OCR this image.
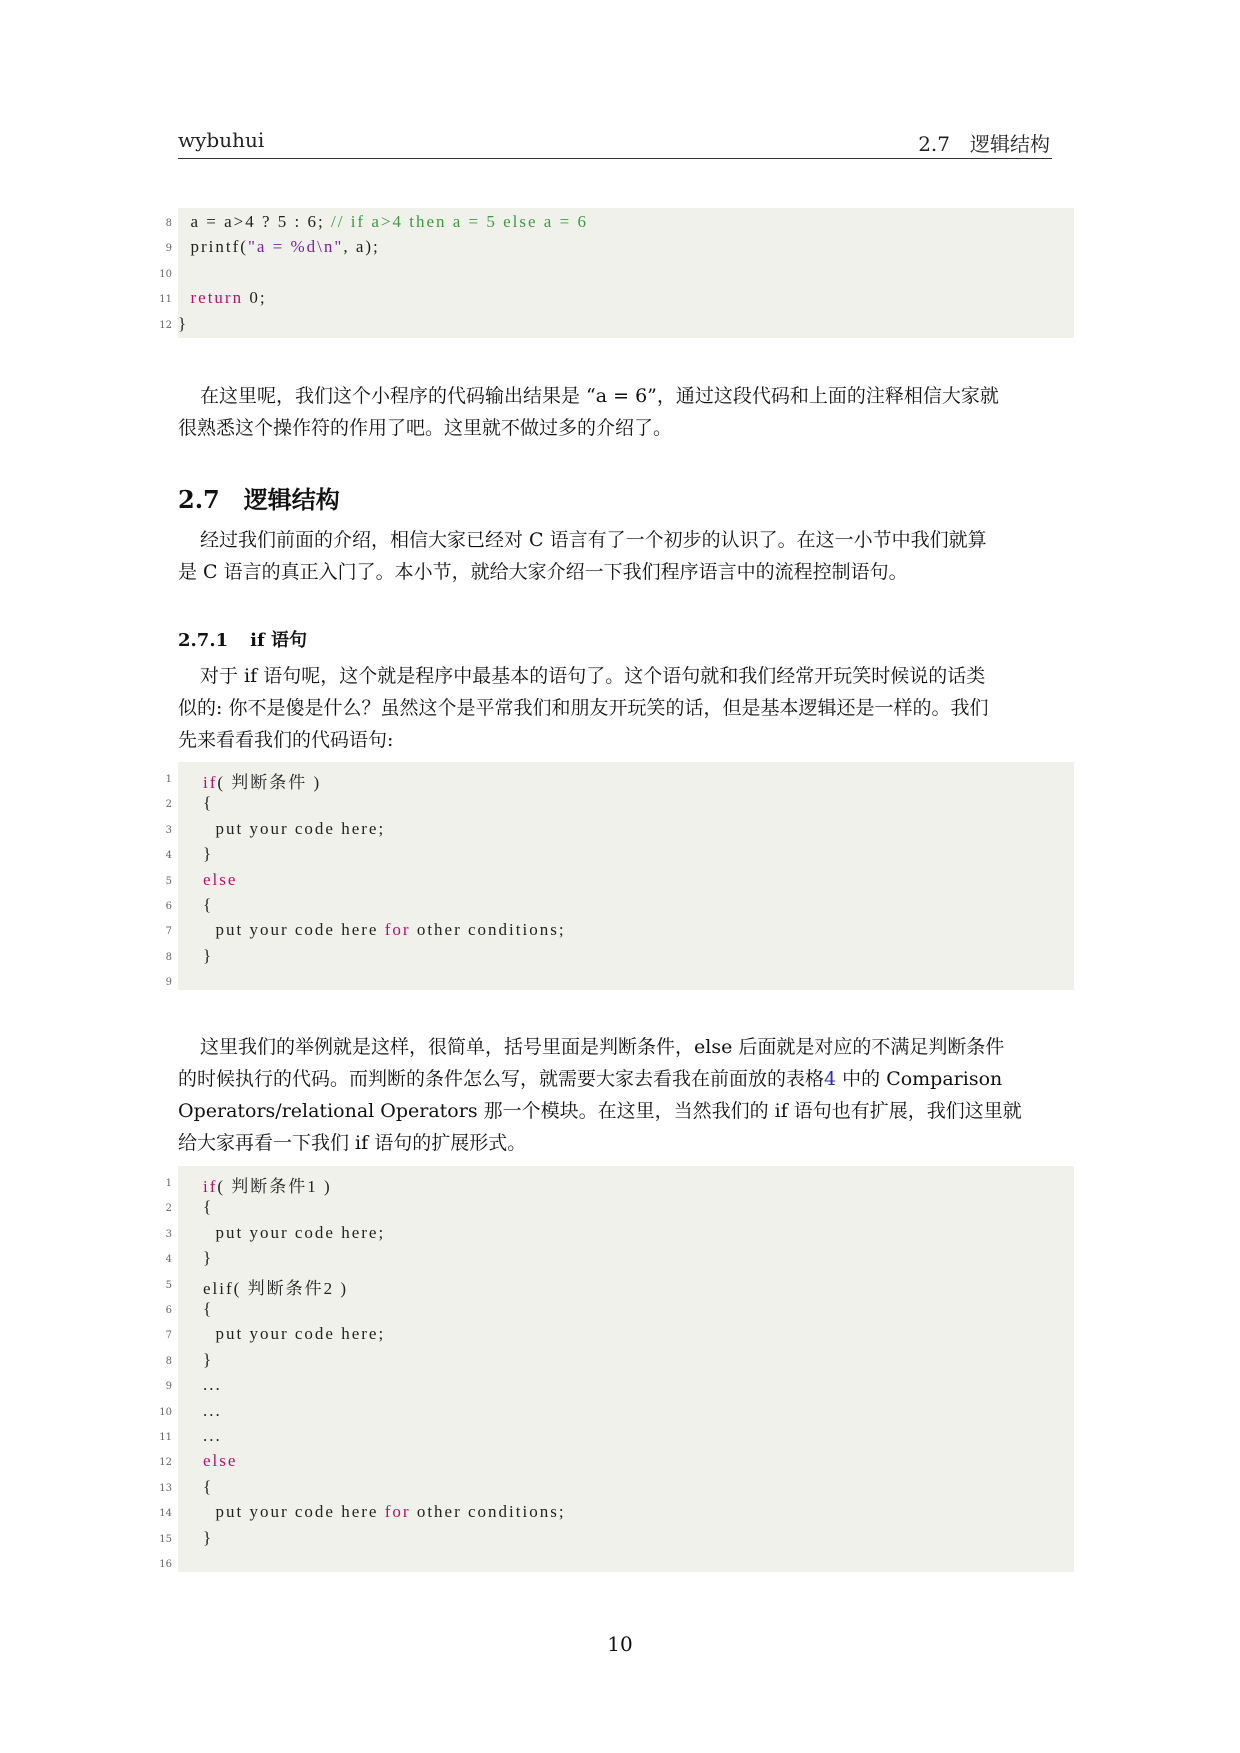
wybuhui	2.7　逻辑结构
8 a = a>4 ? 5 : 6; // if a>4 then a = 5 else a = 6
9 printf("a = %d\n", a);
10
11	return 0;
12 }
在这里呢，我们这个小程序的代码输出结果是 “a = 6”，通过这段代码和上面的注释相信大家就
很熟悉这个操作符的作用了吧。这里就不做过多的介绍了。
2.7 逻辑结构
经过我们前面的介绍，相信大家已经对 C 语言有了一个初步的认识了。在这一小节中我们就算
是 C 语言的真正入门了。本小节，就给大家介绍一下我们程序语言中的流程控制语句。
2.7.1 if 语句
对于 if 语句呢，这个就是程序中最基本的语句了。这个语句就和我们经常开玩笑时候说的话类
似的: 你不是傻是什么？虽然这个是平常我们和朋友开玩笑的话，但是基本逻辑还是一样的。我们
先来看看我们的代码语句:
1	if( 判断条件 )
2 {
3 put your code here;
4 }
5	else
6 {
7 put your code here for other conditions;
8 }
9
这里我们的举例就是这样，很简单，括号里面是判断条件，else 后面就是对应的不满足判断条件
的时候执行的代码。而判断的条件怎么写，就需要大家去看我在前面放的表格4 中的 Comparison
Operators/relational Operators 那一个模块。在这里，当然我们的 if 语句也有扩展，我们这里就
给大家再看一下我们 if 语句的扩展形式。
1	if( 判断条件1 )
2 {
3 put your code here;
4 }
5 elif( 判断条件2 )
6 {
7 put your code here;
8 }
9 ...
10 ...
11 ...
12	else
13 {
14 put your code here for other conditions;
15 }
16
10
